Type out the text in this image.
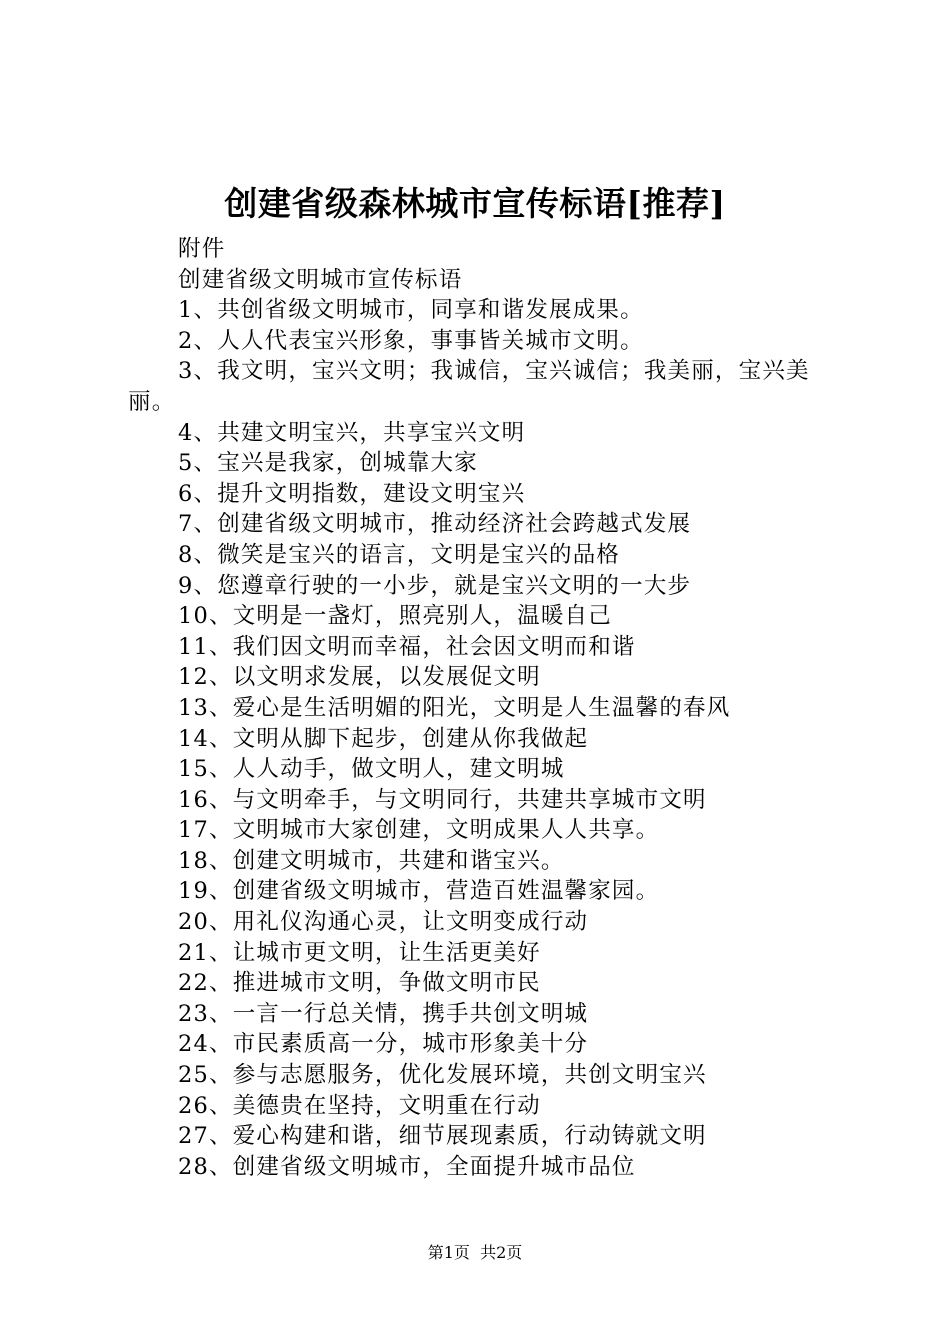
创建省级森林城市宣传标语[推荐]

附件

创建省级文明城市宣传标语

1、共创省级文明城市，同享和谐发展成果。

2、人人代表宝兴形象，事事皆关城市文明。

3、我文明，宝兴文明；我诚信，宝兴诚信；我美丽，宝兴美丽。

4、共建文明宝兴，共享宝兴文明

5、宝兴是我家，创城靠大家

6、提升文明指数，建设文明宝兴

7、创建省级文明城市，推动经济社会跨越式发展

8、微笑是宝兴的语言，文明是宝兴的品格

9、您遵章行驶的一小步，就是宝兴文明的一大步

10、文明是一盏灯，照亮别人，温暖自己

11、我们因文明而幸福，社会因文明而和谐

12、以文明求发展，以发展促文明

13、爱心是生活明媚的阳光，文明是人生温馨的春风

14、文明从脚下起步，创建从你我做起

15、人人动手，做文明人，建文明城

16、与文明牵手，与文明同行，共建共享城市文明

17、文明城市大家创建，文明成果人人共享。

18、创建文明城市，共建和谐宝兴。

19、创建省级文明城市，营造百姓温馨家园。

20、用礼仪沟通心灵，让文明变成行动

21、让城市更文明，让生活更美好

22、推进城市文明，争做文明市民

23、一言一行总关情，携手共创文明城

24、市民素质高一分，城市形象美十分

25、参与志愿服务，优化发展环境，共创文明宝兴

26、美德贵在坚持，文明重在行动

27、爱心构建和谐，细节展现素质，行动铸就文明

28、创建省级文明城市，全面提升城市品位

第1页  共2页
